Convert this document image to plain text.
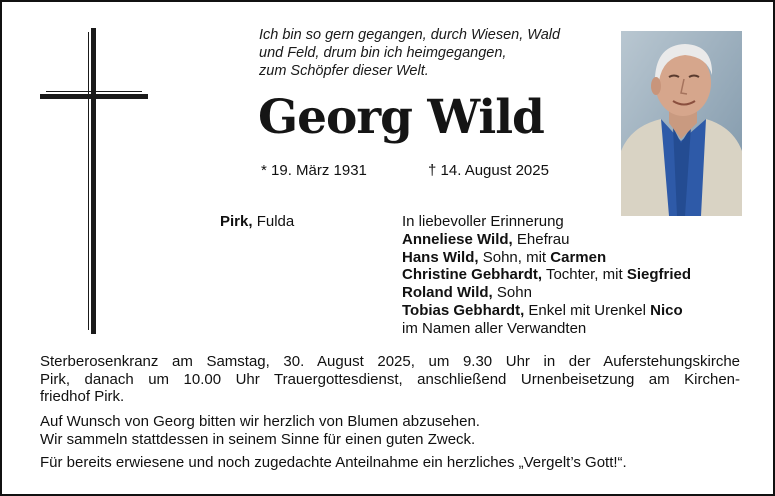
Ich bin so gern gegangen, durch Wiesen, Wald
und Feld, drum bin ich heimgegangen,
zum Schöpfer dieser Welt.
Georg Wild
* 19. März 1931	† 14. August 2025
Pirk, Fulda	In liebevoller Erinnerung
Anneliese Wild, Ehefrau
Hans Wild, Sohn, mit Carmen
Christine Gebhardt, Tochter, mit Siegfried
Roland Wild, Sohn
Tobias Gebhardt, Enkel mit Urenkel Nico
im Namen aller Verwandten
Sterberosenkranz am Samstag, 30. August 2025, um 9.30 Uhr in der Auferstehungskirche
Pirk, danach um 10.00 Uhr Trauergottesdienst, anschließend Urnenbeisetzung am Kirchen-
friedhof Pirk.
Auf Wunsch von Georg bitten wir herzlich von Blumen abzusehen.
Wir sammeln stattdessen in seinem Sinne für einen guten Zweck.
Für bereits erwiesene und noch zugedachte Anteilnahme ein herzliches „Vergelt’s Gott!“.
